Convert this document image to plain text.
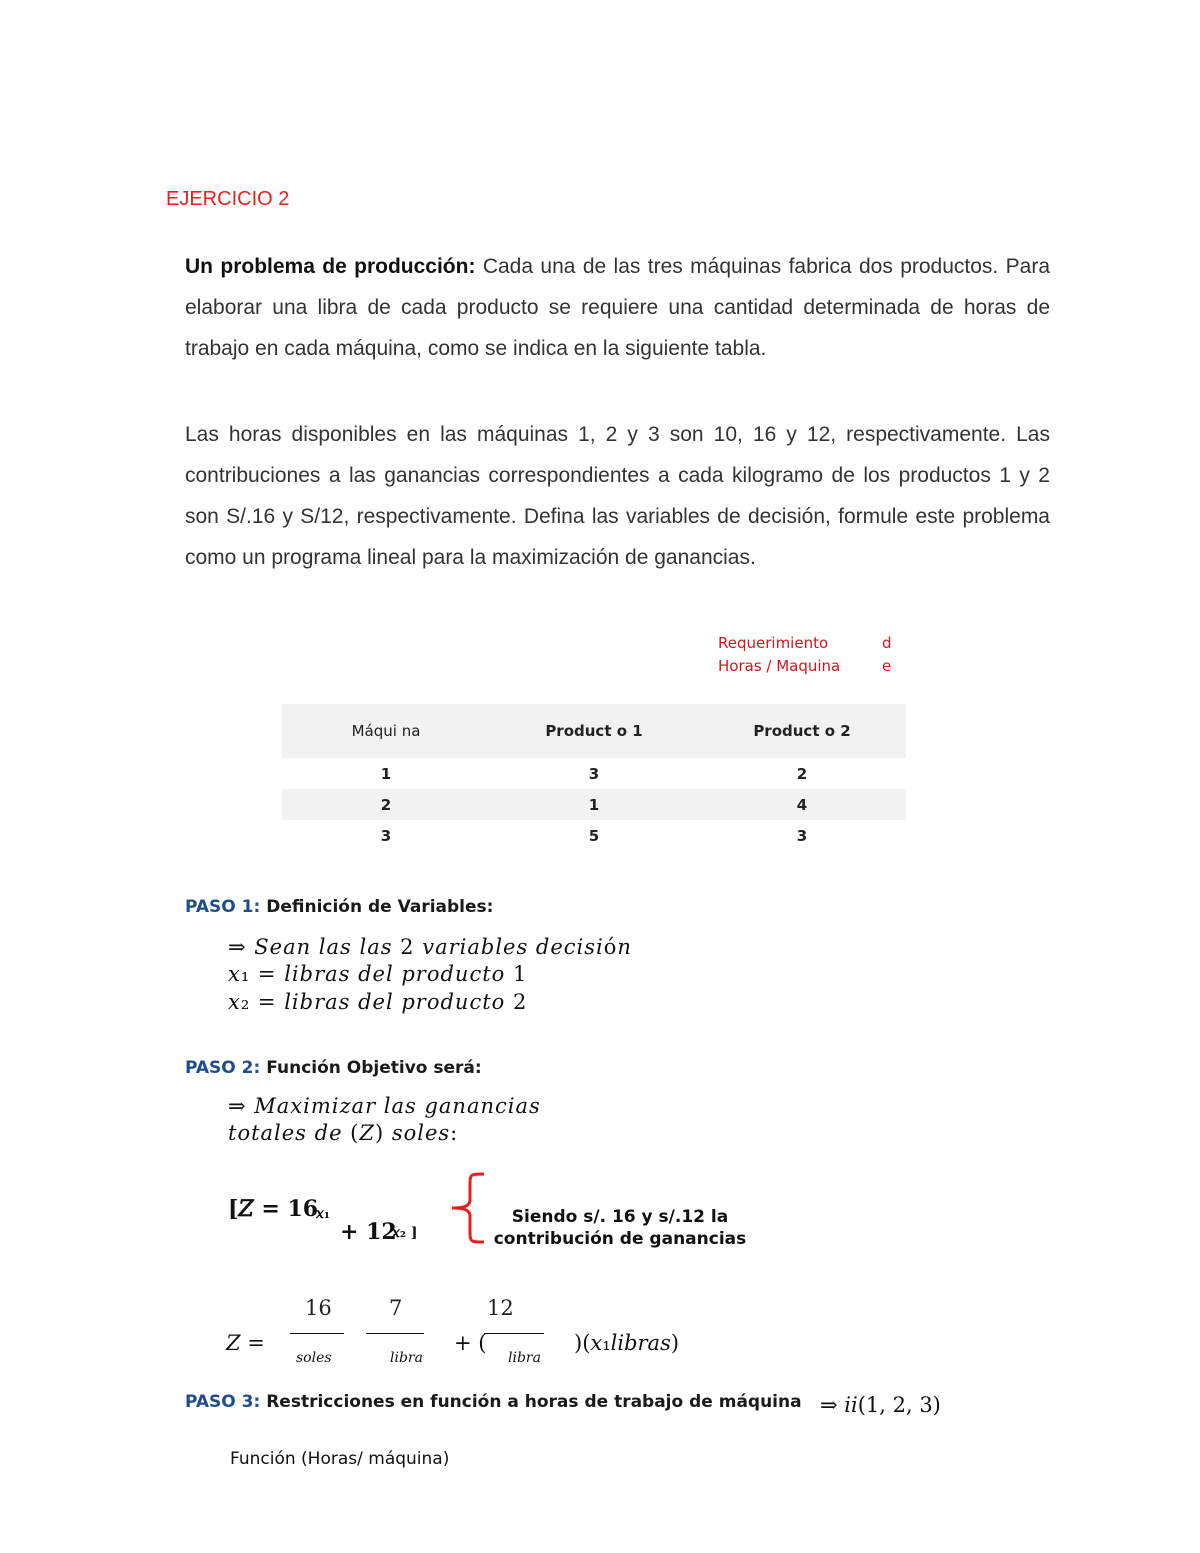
EJERCICIO 2
Un problema de producción: Cada una de las tres máquinas fabrica dos productos. Para elaborar una libra de cada producto se requiere una cantidad determinada de horas de trabajo en cada máquina, como se indica en la siguiente tabla.
Las horas disponibles en las máquinas 1, 2 y 3 son 10, 16 y 12, respectivamente. Las contribuciones a las ganancias correspondientes a cada kilogramo de los productos 1 y 2 son S/.16 y S/12, respectivamente. Defina las variables de decisión, formule este problema como un programa lineal para la maximización de ganancias.
Requerimiento Horas / Maquina
d e
Máqui na	Product o 1	Product o 2
1	3	2
2	1	4
3	5	3
PASO 1: Definición de Variables:
⇒ 𝑆𝑒𝑎𝑛 𝑙𝑎𝑠 𝑙𝑎𝑠 2 𝑣𝑎𝑟𝑖𝑎𝑏𝑙𝑒𝑠 𝑑𝑒𝑐𝑖𝑠𝑖ó𝑛
𝑥₁ = 𝑙𝑖𝑏𝑟𝑎𝑠 𝑑𝑒𝑙 𝑝𝑟𝑜𝑑𝑢𝑐𝑡𝑜 1
𝑥₂ = 𝑙𝑖𝑏𝑟𝑎𝑠 𝑑𝑒𝑙 𝑝𝑟𝑜𝑑𝑢𝑐𝑡𝑜 2
PASO 2: Función Objetivo será:
⇒ 𝑀𝑎𝑥𝑖𝑚𝑖𝑧𝑎𝑟 𝑙𝑎𝑠 𝑔𝑎𝑛𝑎𝑛𝑐𝑖𝑎𝑠
𝑡𝑜𝑡𝑎𝑙𝑒𝑠 𝑑𝑒 (𝑍) 𝑠𝑜𝑙𝑒𝑠:
[𝑍 = 16
𝑥₁
+ 12
𝑥₂ ]
Siendo s/. 16 y s/.12 la contribución de ganancias
16	7	12
𝑍 =	+ (
𝑠𝑜𝑙𝑒𝑠	𝑙𝑖𝑏𝑟𝑎	𝑙𝑖𝑏𝑟𝑎
)(𝑥₁𝑙𝑖𝑏𝑟𝑎𝑠)
PASO 3: Restricciones en función a horas de trabajo de máquina ⇒ 𝑖𝑖(1, 2, 3)
Función (Horas/ máquina)
